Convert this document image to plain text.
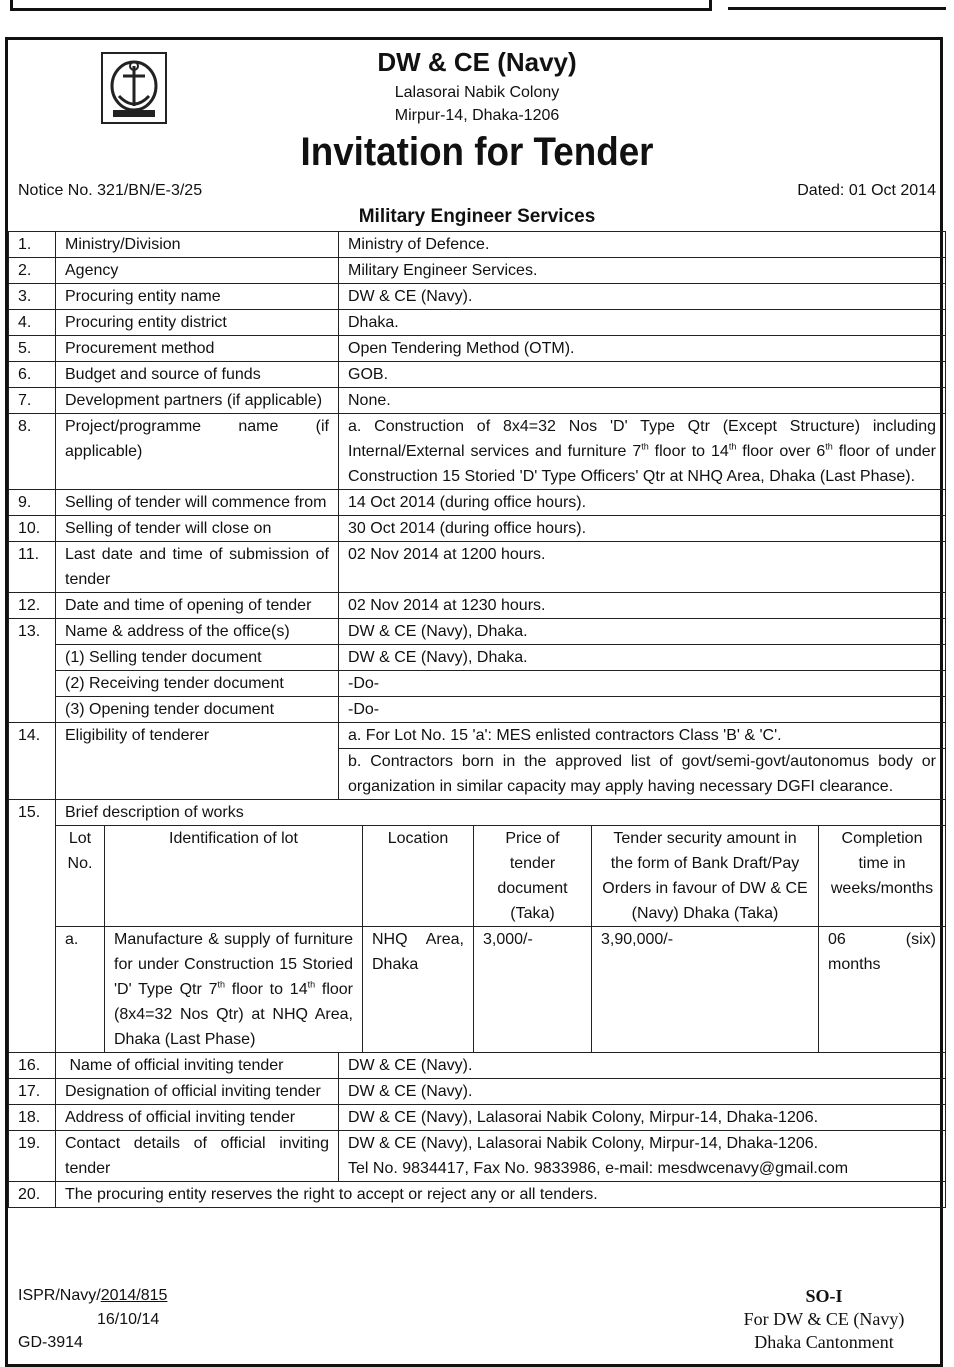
DW & CE (Navy)
Lalasorai Nabik Colony
Mirpur-14, Dhaka-1206
Invitation for Tender
Notice No. 321/BN/E-3/25	Dated: 01 Oct 2014
Military Engineer Services
1.	Ministry/Division	Ministry of Defence.
2.	Agency	Military Engineer Services.
3.	Procuring entity name	DW & CE (Navy).
4.	Procuring entity district	Dhaka.
5.	Procurement method	Open Tendering Method (OTM).
6.	Budget and source of funds	GOB.
7.	Development partners (if applicable)	None.
8.	Project/programme name (if applicable)	a. Construction of 8x4=32 Nos 'D' Type Qtr (Except Structure) including Internal/External services and furniture 7th floor to 14th floor over 6th floor of under Construction 15 Storied 'D' Type Officers' Qtr at NHQ Area, Dhaka (Last Phase).
9.	Selling of tender will commence from	14 Oct 2014 (during office hours).
10.	Selling of tender will close on	30 Oct 2014 (during office hours).
11.	Last date and time of submission of tender	02 Nov 2014 at 1200 hours.
12.	Date and time of opening of tender	02 Nov 2014 at 1230 hours.
13.	Name & address of the office(s)	DW & CE (Navy), Dhaka.
(1) Selling tender document	DW & CE (Navy), Dhaka.
(2) Receiving tender document	-Do-
(3) Opening tender document	-Do-
14.	Eligibility of tenderer	a. For Lot No. 15 'a': MES enlisted contractors Class 'B' & 'C'.
b. Contractors born in the approved list of govt/semi-govt/autonomus body or organization in similar capacity may apply having necessary DGFI clearance.
15.	Brief description of works

Lot No.	Identification of lot	Location	Price of tender document (Taka)	Tender security amount in the form of Bank Draft/Pay Orders in favour of DW & CE (Navy) Dhaka (Taka)	Completion time in weeks/months
a.	Manufacture & supply of furniture for under Construction 15 Storied 'D' Type Qtr 7th floor to 14th floor (8x4=32 Nos Qtr) at NHQ Area, Dhaka (Last Phase)	NHQ Area, Dhaka	3,000/-	3,90,000/-	06 (six) months

16.	Name of official inviting tender	DW & CE (Navy).
17.	Designation of official inviting tender	DW & CE (Navy).
18.	Address of official inviting tender	DW & CE (Navy), Lalasorai Nabik Colony, Mirpur-14, Dhaka-1206.
19.	Contact details of official inviting tender	
DW & CE (Navy), Lalasorai Nabik Colony, Mirpur-14, Dhaka-1206.
Tel No. 9834417, Fax No. 9833986, e-mail: mesdwcenavy@gmail.com

20.	The procuring entity reserves the right to accept or reject any or all tenders.
ISPR/Navy/2014/815
16/10/14
GD-3914
SO-I
For DW & CE (Navy)
Dhaka Cantonment
